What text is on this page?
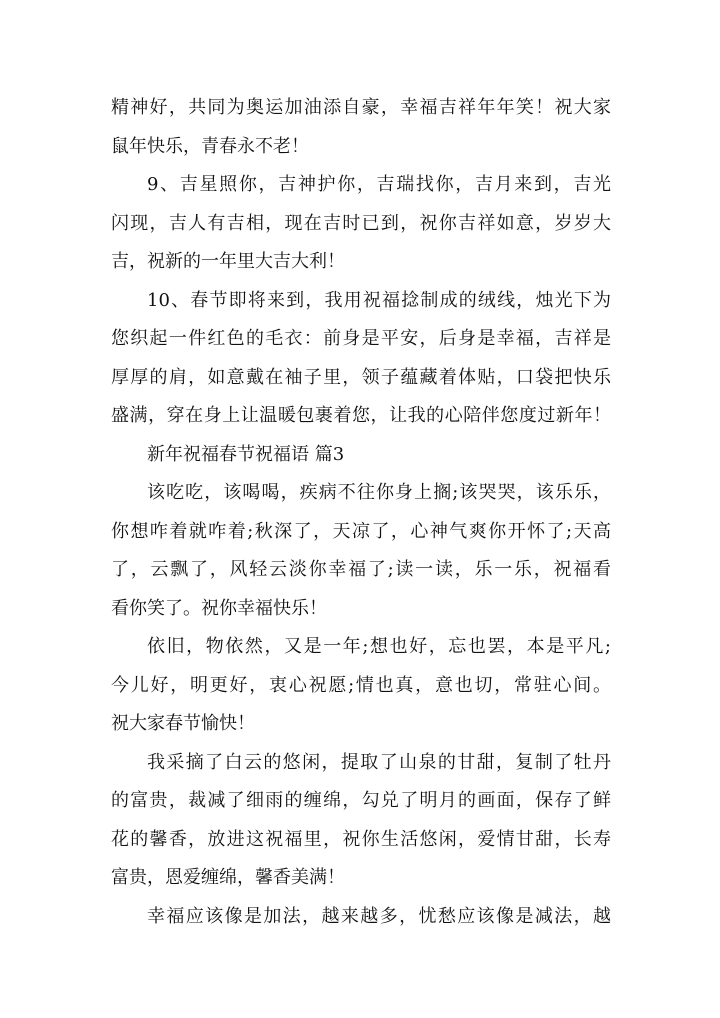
精神好，共同为奥运加油添自豪，幸福吉祥年年笑！祝大家
鼠年快乐，青春永不老！
9、吉星照你，吉神护你，吉瑞找你，吉月来到，吉光
闪现，吉人有吉相，现在吉时已到，祝你吉祥如意，岁岁大
吉，祝新的一年里大吉大利！
10、春节即将来到，我用祝福捻制成的绒线，烛光下为
您织起一件红色的毛衣：前身是平安，后身是幸福，吉祥是
厚厚的肩，如意戴在袖子里，领子蕴藏着体贴，口袋把快乐
盛满，穿在身上让温暖包裹着您，让我的心陪伴您度过新年！
新年祝福春节祝福语 篇3
该吃吃，该喝喝，疾病不往你身上搁;该哭哭，该乐乐，
你想咋着就咋着;秋深了，天凉了，心神气爽你开怀了;天高
了，云飘了，风轻云淡你幸福了;读一读，乐一乐，祝福看
看你笑了。祝你幸福快乐！
依旧，物依然，又是一年;想也好，忘也罢，本是平凡;
今儿好，明更好，衷心祝愿;情也真，意也切，常驻心间。
祝大家春节愉快！
我采摘了白云的悠闲，提取了山泉的甘甜，复制了牡丹
的富贵，裁减了细雨的缠绵，勾兑了明月的画面，保存了鲜
花的馨香，放进这祝福里，祝你生活悠闲，爱情甘甜，长寿
富贵，恩爱缠绵，馨香美满！
幸福应该像是加法，越来越多，忧愁应该像是减法，越
